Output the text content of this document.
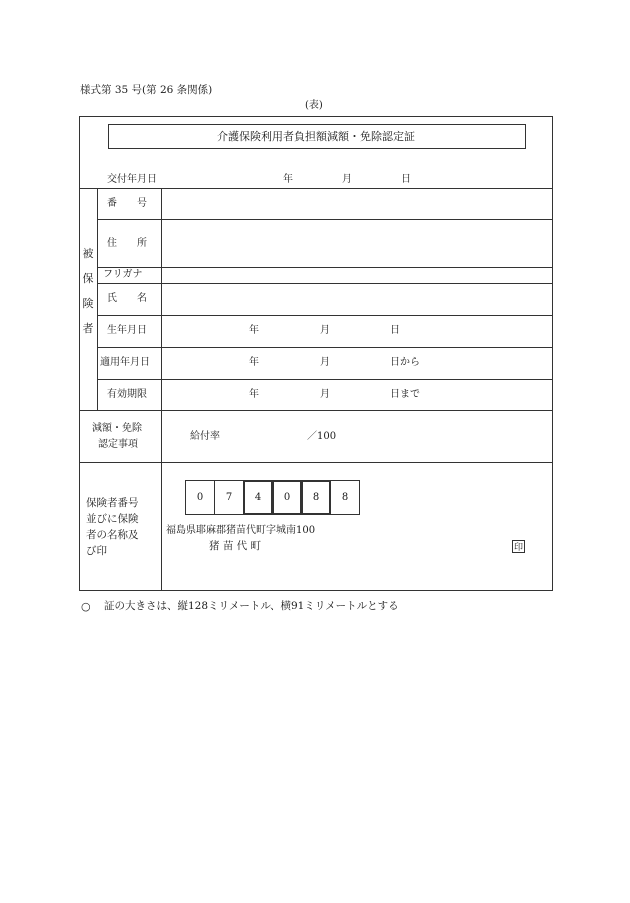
様式第 35 号(第 26 条関係)
(表)
介護保険利用者負担額減額・免除認定証
交付年月日	年	月	日
被
保
険
者
番　　号
住　　所
フリガナ
氏　　名
生年月日	年	月	日
適用年月日	年	月	日から
有効期限	年	月	日まで
減額・免除
認定事項
給付率	／100
保険者番号
並びに保険
者の名称及
び印
0	7	4	0	8	8
福島県耶麻郡猪苗代町字城南100
猪 苗 代 町	印
○ 証の大きさは、縦128ミリメートル、横91ミリメートルとする
